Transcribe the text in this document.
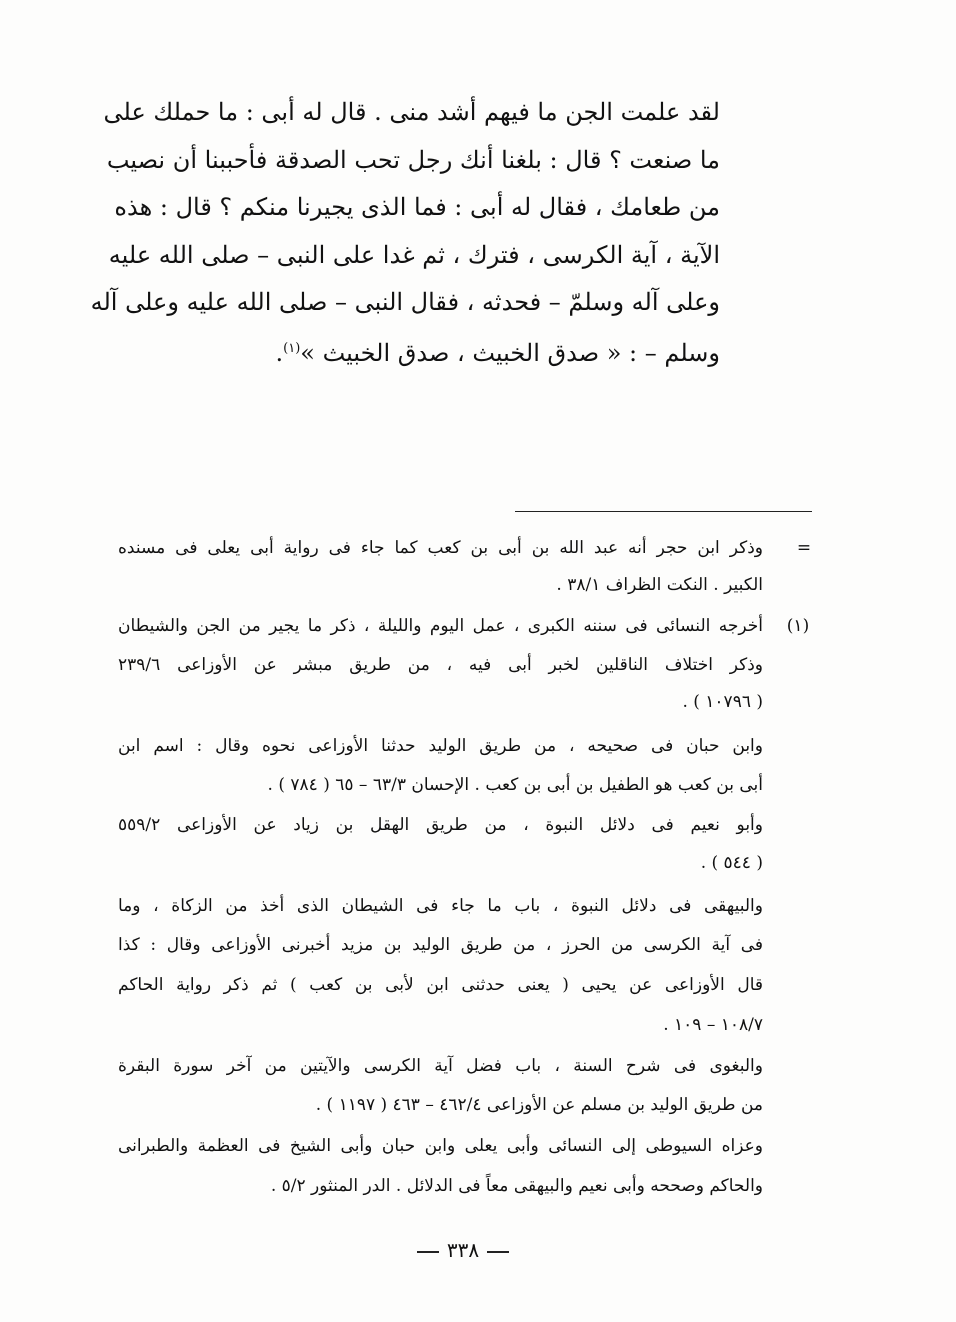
لقد علمت الجن ما فيهم أشد منى . قال له أبى : ما حملك على
ما صنعت ؟ قال : بلغنا أنك رجل تحب الصدقة فأحببنا أن نصيب
من طعامك ، فقال له أبى : فما الذى يجيرنا منكم ؟ قال : هذه
الآية ، آية الكرسى ، فترك ، ثم غدا على النبى – صلى الله عليه
وعلى آله وسلمّ – فحدثه ، فقال النبى – صلى الله عليه وعلى آله
وسلم – : « صدق الخبيث ، صدق الخبيث »$^{(١)}$.
=
وذكر ابن حجر أنه عبد الله بن أبى بن كعب كما جاء فى رواية أبى يعلى فى مسنده
الكبير . النكت الظراف ٣٨/١ .
(١)
أخرجه النسائى فى سننه الكبرى ، عمل اليوم والليلة ، ذكر ما يجير من الجن والشيطان
وذكر اختلاف الناقلين لخبر أبى فيه ، من طريق مبشر عن الأوزاعى ٢٣٩/٦
( ١٠٧٩٦ ) .
وابن حبان فى صحيحه ، من طريق الوليد حدثنا الأوزاعى نحوه وقال : اسم ابن
أبى بن كعب هو الطفيل بن أبى بن كعب . الإحسان ٦٣/٣ – ٦٥ ( ٧٨٤ ) .
وأبو نعيم فى دلائل النبوة ، من طريق الهقل بن زياد عن الأوزاعى ٥٥٩/٢
( ٥٤٤ ) .
والبيهقى فى دلائل النبوة ، باب ما جاء فى الشيطان الذى أخذ من الزكاة ، وما
فى آية الكرسى من الحرز ، من طريق الوليد بن مزيد أخبرنى الأوزاعى وقال : كذا
قال الأوزاعى عن يحيى ( يعنى حدثنى ابن لأبى بن كعب ) ثم ذكر رواية الحاكم
١٠٨/٧ – ١٠٩ .
والبغوى فى شرح السنة ، باب فضل آية الكرسى والآيتين من آخر سورة البقرة
من طريق الوليد بن مسلم عن الأوزاعى ٤٦٢/٤ – ٤٦٣ ( ١١٩٧ ) .
وعزاه السيوطى إلى النسائى وأبى يعلى وابن حبان وأبى الشيخ فى العظمة والطبرانى
والحاكم وصححه وأبى نعيم والبيهقى معاً فى الدلائل . الدر المنثور ٥/٢ .
٣٣٨
